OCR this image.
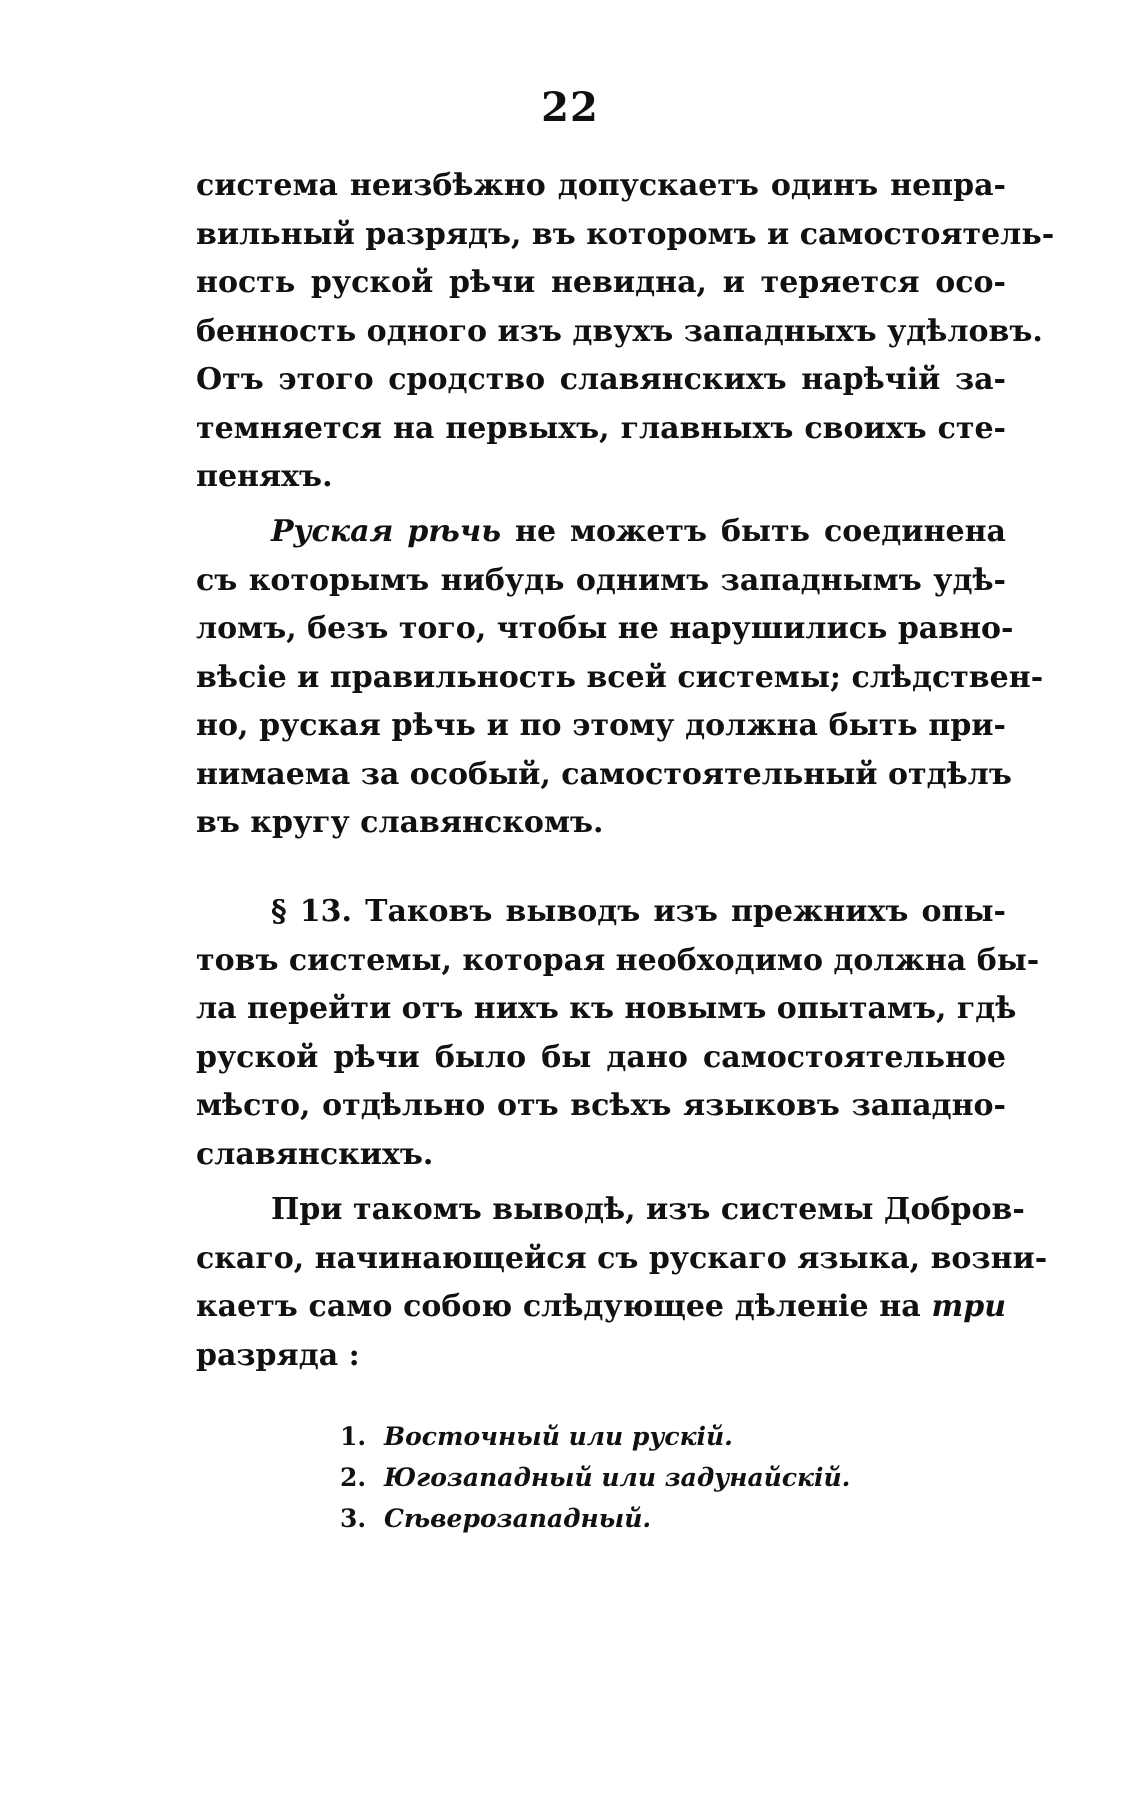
22
система неизбѣжно допускаетъ одинъ непра-
вильный разрядъ, въ которомъ и самостоятель-
ность руской рѣчи невидна, и теряется осо-
бенность одного изъ двухъ западныхъ удѣловъ.
Отъ этого сродство славянскихъ нарѣчій за-
темняется на первыхъ, главныхъ своихъ сте-
пеняхъ.
Руская рѣчь не можетъ быть соединена
съ которымъ нибудь однимъ западнымъ удѣ-
ломъ, безъ того, чтобы не нарушились равно-
вѣсіе и правильность всей системы; слѣдствен-
но, руская рѣчь и по этому должна быть при-
нимаема за особый, самостоятельный отдѣлъ
въ кругу славянскомъ.
§ 13. Таковъ выводъ изъ прежнихъ опы-
товъ системы, которая необходимо должна бы-
ла перейти отъ нихъ къ новымъ опытамъ, гдѣ
руской рѣчи было бы дано самостоятельное
мѣсто, отдѣльно отъ всѣхъ языковъ западно-
славянскихъ.
При такомъ выводѣ, изъ системы Добров-
скаго, начинающейся съ рускаго языка, возни-
каетъ само собою слѣдующее дѣленіе на три
разряда :
1. Восточный или рускій.
2. Югозападный или задунайскій.
3. Сѣверозападный.
